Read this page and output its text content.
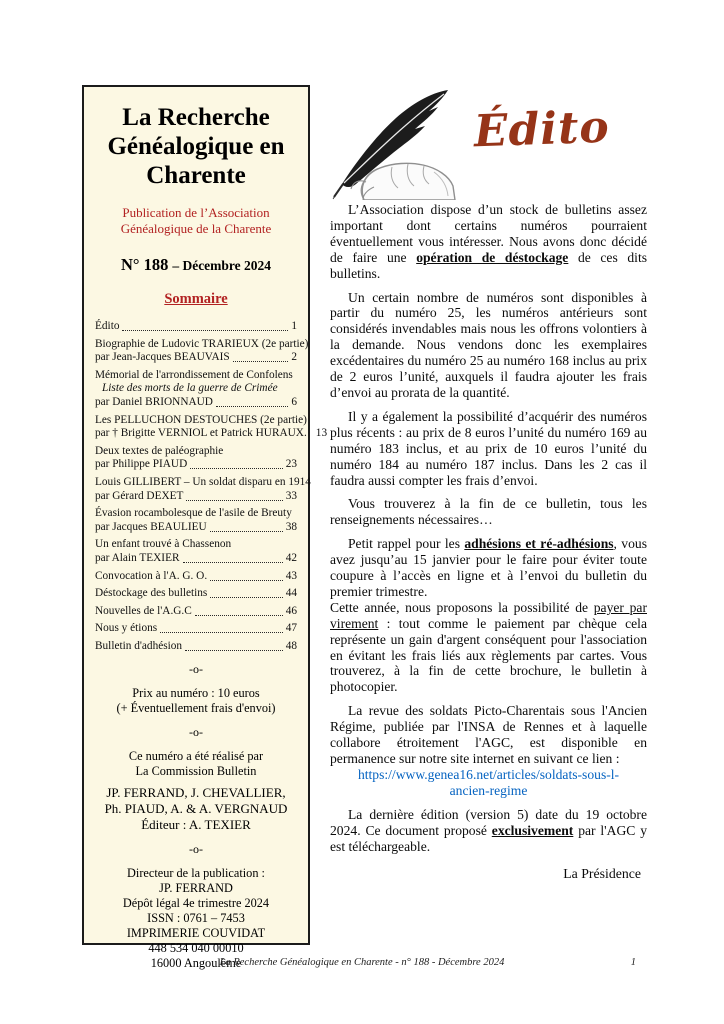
La Recherche Généalogique en Charente
Publication de l’Association
Généalogique de la Charente
N° 188 – Décembre 2024
Sommaire
Édito	1
Biographie de Ludovic TRARIEUX (2e partie)
par Jean-Jacques BEAUVAIS	2
Mémorial de l'arrondissement de Confolens
Liste des morts de la guerre de Crimée
par Daniel BRIONNAUD	6
Les PELLUCHON DESTOUCHES (2e partie)
par † Brigitte VERNIOL et Patrick HURAUX. 13
Deux textes de paléographie
par Philippe PIAUD	23
Louis GILLIBERT – Un soldat disparu en 1914
par Gérard DEXET	33
Évasion rocambolesque de l'asile de Breuty
par Jacques BEAULIEU	38
Un enfant trouvé à Chassenon
par Alain TEXIER	42
Convocation à l'A. G. O.	43
Déstockage des bulletins	44
Nouvelles de l'A.G.C	46
Nous y étions	47
Bulletin d'adhésion	48
-o-
Prix au numéro : 10 euros
(+ Éventuellement frais d'envoi)
-o-
Ce numéro a été réalisé par
La Commission Bulletin
JP. FERRAND, J. CHEVALLIER,
Ph. PIAUD, A. & A. VERGNAUD
Éditeur : A. TEXIER
-o-
Directeur de la publication :
JP. FERRAND
Dépôt légal 4e trimestre 2024
ISSN : 0761 – 7453
IMPRIMERIE COUVIDAT
448 534 040 00010
16000 Angoulême
Édito

L’Association dispose d’un stock de bulletins assez important dont certains numéros pourraient éventuellement vous intéresser. Nous avons donc décidé de faire une opération de déstockage de ces dits bulletins.

Un certain nombre de numéros sont disponibles à partir du numéro 25, les numéros antérieurs sont considérés invendables mais nous les offrons volontiers à la demande. Nous vendons donc les exemplaires excédentaires du numéro 25 au numéro 168 inclus au prix de 2 euros l’unité, auxquels il faudra ajouter les frais d’envoi au prorata de la quantité.

Il y a également la possibilité d’acquérir des numéros plus récents : au prix de 8 euros l’unité du numéro 169 au numéro 183 inclus, et au prix de 10 euros l’unité du numéro 184 au numéro 187 inclus. Dans les 2 cas il faudra aussi compter les frais d’envoi.

Vous trouverez à la fin de ce bulletin, tous les renseignements nécessaires…

Petit rappel pour les adhésions et ré-adhésions, vous avez jusqu’au 15 janvier pour le faire pour éviter toute coupure à l’accès en ligne et à l’envoi du bulletin du premier trimestre.

Cette année, nous proposons la possibilité de payer par virement : tout comme le paiement par chèque cela représente un gain d'argent conséquent pour l'association en évitant les frais liés aux règlements par cartes. Vous trouverez, à la fin de cette brochure, le bulletin à photocopier.

La revue des soldats Picto-Charentais sous l'Ancien Régime, publiée par l'INSA de Rennes et à laquelle collabore étroitement l'AGC, est disponible en permanence sur notre site internet en suivant ce lien :

https://www.genea16.net/articles/soldats-sous-l-
ancien-regime

La dernière édition (version 5) date du 19 octobre 2024. Ce document proposé exclusivement par l'AGC y est téléchargeable.

La Présidence
La Recherche Généalogique en Charente - n° 188 - Décembre 2024	1
